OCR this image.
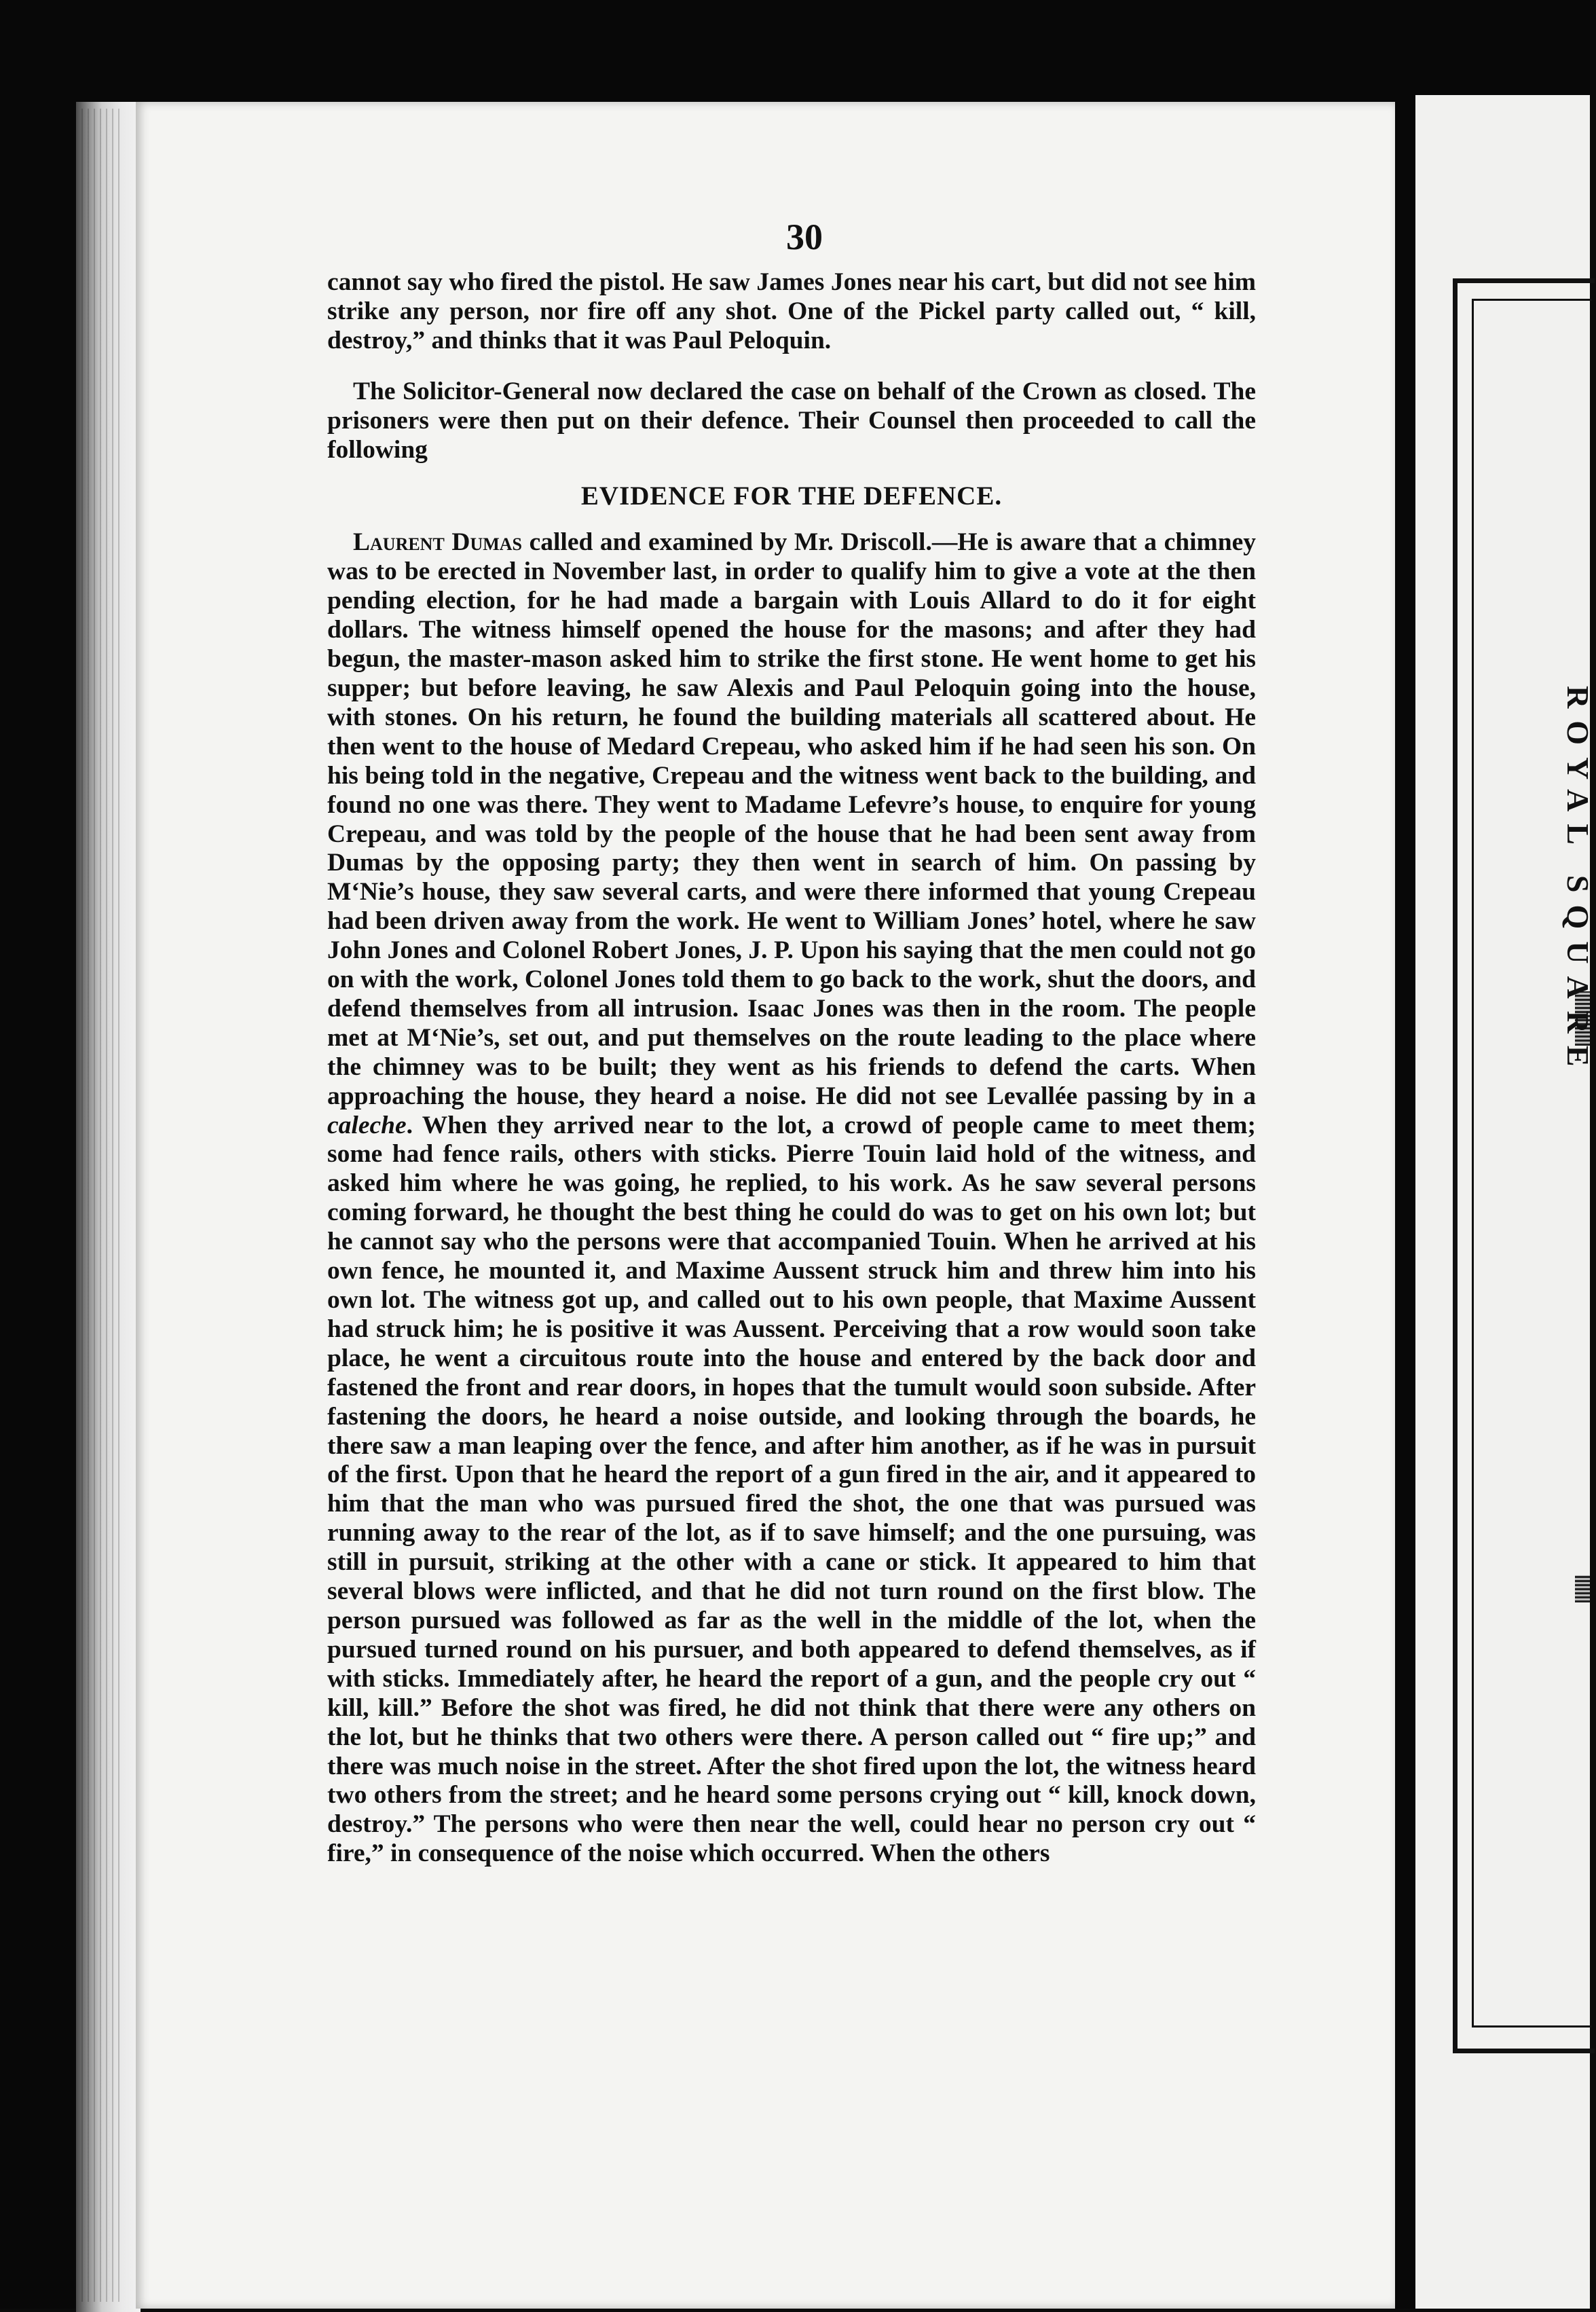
ROYAL SQUARE
30

cannot say who fired the pistol. He saw James Jones near his cart, but did not see him strike any person, nor fire off any shot. One of the Pickel party called out, “ kill, destroy,” and thinks that it was Paul Peloquin.

The Solicitor-General now declared the case on behalf of the Crown as closed. The prisoners were then put on their defence. Their Counsel then proceeded to call the following

EVIDENCE FOR THE DEFENCE.

Laurent Dumas called and examined by Mr. Driscoll.—He is aware that a chimney was to be erected in November last, in order to qualify him to give a vote at the then pending election, for he had made a bargain with Louis Allard to do it for eight dollars. The witness himself opened the house for the masons; and after they had begun, the master-mason asked him to strike the first stone. He went home to get his supper; but before leaving, he saw Alexis and Paul Peloquin going into the house, with stones. On his return, he found the building materials all scattered about. He then went to the house of Medard Crepeau, who asked him if he had seen his son. On his being told in the negative, Crepeau and the witness went back to the building, and found no one was there. They went to Madame Lefevre’s house, to enquire for young Crepeau, and was told by the people of the house that he had been sent away from Dumas by the opposing party; they then went in search of him. On passing by M‘Nie’s house, they saw several carts, and were there informed that young Crepeau had been driven away from the work. He went to William Jones’ hotel, where he saw John Jones and Colonel Robert Jones, J. P. Upon his saying that the men could not go on with the work, Colonel Jones told them to go back to the work, shut the doors, and defend themselves from all intrusion. Isaac Jones was then in the room. The people met at M‘Nie’s, set out, and put themselves on the route leading to the place where the chimney was to be built; they went as his friends to defend the carts. When approaching the house, they heard a noise. He did not see Levallée passing by in a caleche. When they arrived near to the lot, a crowd of people came to meet them; some had fence rails, others with sticks. Pierre Touin laid hold of the witness, and asked him where he was going, he replied, to his work. As he saw several persons coming forward, he thought the best thing he could do was to get on his own lot; but he cannot say who the persons were that accompanied Touin. When he arrived at his own fence, he mounted it, and Maxime Aussent struck him and threw him into his own lot. The witness got up, and called out to his own people, that Maxime Aussent had struck him; he is positive it was Aussent. Perceiving that a row would soon take place, he went a circuitous route into the house and entered by the back door and fastened the front and rear doors, in hopes that the tumult would soon subside. After fastening the doors, he heard a noise outside, and looking through the boards, he there saw a man leaping over the fence, and after him another, as if he was in pursuit of the first. Upon that he heard the report of a gun fired in the air, and it appeared to him that the man who was pursued fired the shot, the one that was pursued was running away to the rear of the lot, as if to save himself; and the one pursuing, was still in pursuit, striking at the other with a cane or stick. It appeared to him that several blows were inflicted, and that he did not turn round on the first blow. The person pursued was followed as far as the well in the middle of the lot, when the pursued turned round on his pursuer, and both appeared to defend themselves, as if with sticks. Immediately after, he heard the report of a gun, and the people cry out “ kill, kill.” Before the shot was fired, he did not think that there were any others on the lot, but he thinks that two others were there. A person called out “ fire up;” and there was much noise in the street. After the shot fired upon the lot, the witness heard two others from the street; and he heard some persons crying out “ kill, knock down, destroy.” The persons who were then near the well, could hear no person cry out “ fire,” in consequence of the noise which occurred. When the others
